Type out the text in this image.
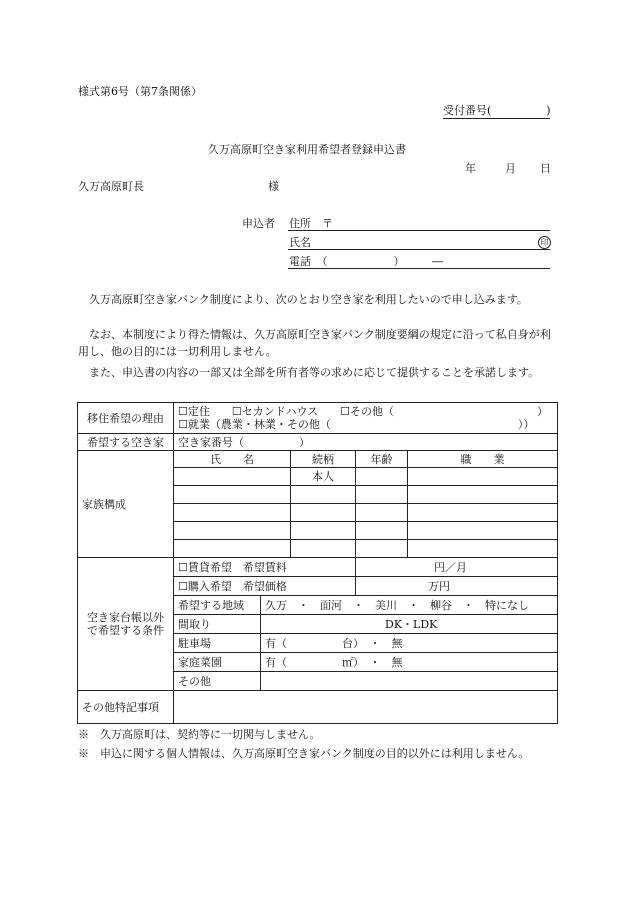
様式第6号（第7条関係）
受付番号(　　　　　)
久万高原町空き家利用希望者登録申込書
年	月 日
久万高原町長	様
申込者 住所　〒
氏名	印
電話　（　　　　　　）　　　―
　久万高原町空き家バンク制度により、次のとおり空き家を利用したいので申し込みます。
　なお、本制度により得た情報は、久万高原町空き家バンク制度要綱の規定に沿って私自身が利用し、他の目的には一切利用しません。
　また、申込書の内容の一部又は全部を所有者等の求めに応じて提供することを承諾します。
移住希望の理由	☐定住　　☐セカンドハウス　　☐その他（　　　　　　　　　　　　　）
☐就業（農業・林業・その他（　　　　　　　　　　　　　　　　　））				

希望する空き家	空き家番号（　　　　　）				
家族構成	氏　　名		続柄	年齢	職　　業
			本人		

空き家台帳以外で希望する条件	☐賃貸希望　希望賃料			円／月	
	☐購入希望　希望価格			万円	
	希望する地域	久万　・　面河　・　美川　・　柳谷　・　特になし			
	間取り	DK・LDK			
	駐車場	有（　　　　　台）　・　無			
	家庭菜園	有（　　　　　㎡）　・　無			
	その他				
その他特記事項					
※　久万高原町は、契約等に一切関与しません。
※　申込に関する個人情報は、久万高原町空き家バンク制度の目的以外には利用しません。
